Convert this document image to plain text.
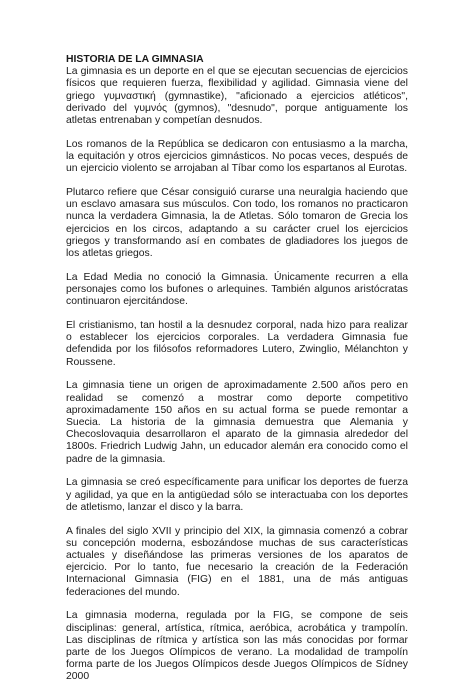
HISTORIA DE LA GIMNASIA

La gimnasia es un deporte en el que se ejecutan secuencias de ejercicios físicos que requieren fuerza, flexibilidad y agilidad. Gimnasia viene del griego γυμναστική (gymnastike), "aficionado a ejercicios atléticos", derivado del γυμνός (gymnos), "desnudo", porque antiguamente los atletas entrenaban y competían desnudos.

Los romanos de la República se dedicaron con entusiasmo a la marcha, la equitación y otros ejercicios gimnásticos. No pocas veces, después de un ejercicio violento se arrojaban al Tíbar como los espartanos al Eurotas.

Plutarco refiere que César consiguió curarse una neuralgia haciendo que un esclavo amasara sus músculos. Con todo, los romanos no practicaron nunca la verdadera Gimnasia, la de Atletas. Sólo tomaron de Grecia los ejercicios en los circos, adaptando a su carácter cruel los ejercicios griegos y transformando así en combates de gladiadores los juegos de los atletas griegos.

La Edad Media no conoció la Gimnasia. Únicamente recurren a ella personajes como los bufones o arlequines. También algunos aristócratas continuaron ejercitándose.

El cristianismo, tan hostil a la desnudez corporal, nada hizo para realizar o establecer los ejercicios corporales. La verdadera Gimnasia fue defendida por los filósofos reformadores Lutero, Zwinglio, Mélanchton y Roussene.

La gimnasia tiene un origen de aproximadamente 2.500 años pero en realidad se comenzó a mostrar como deporte competitivo aproximadamente 150 años en su actual forma se puede remontar a Suecia. La historia de la gimnasia demuestra que Alemania y Checoslovaquia desarrollaron el aparato de la gimnasia alrededor del 1800s. Friedrich Ludwig Jahn, un educador alemán era conocido como el padre de la gimnasia.

La gimnasia se creó específicamente para unificar los deportes de fuerza y agilidad, ya que en la antigüedad sólo se interactuaba con los deportes de atletismo, lanzar el disco y la barra.

A finales del siglo XVII y principio del XIX, la gimnasia comenzó a cobrar su concepción moderna, esbozándose muchas de sus características actuales y diseñándose las primeras versiones de los aparatos de ejercicio. Por lo tanto, fue necesario la creación de la Federación Internacional Gimnasia (FIG) en el 1881, una de más antiguas federaciones del mundo.

La gimnasia moderna, regulada por la FIG, se compone de seis disciplinas: general, artística, rítmica, aeróbica, acrobática y trampolín. Las disciplinas de rítmica y artística son las más conocidas por formar parte de los Juegos Olímpicos de verano. La modalidad de trampolín forma parte de los Juegos Olímpicos desde Juegos Olímpicos de Sídney 2000
